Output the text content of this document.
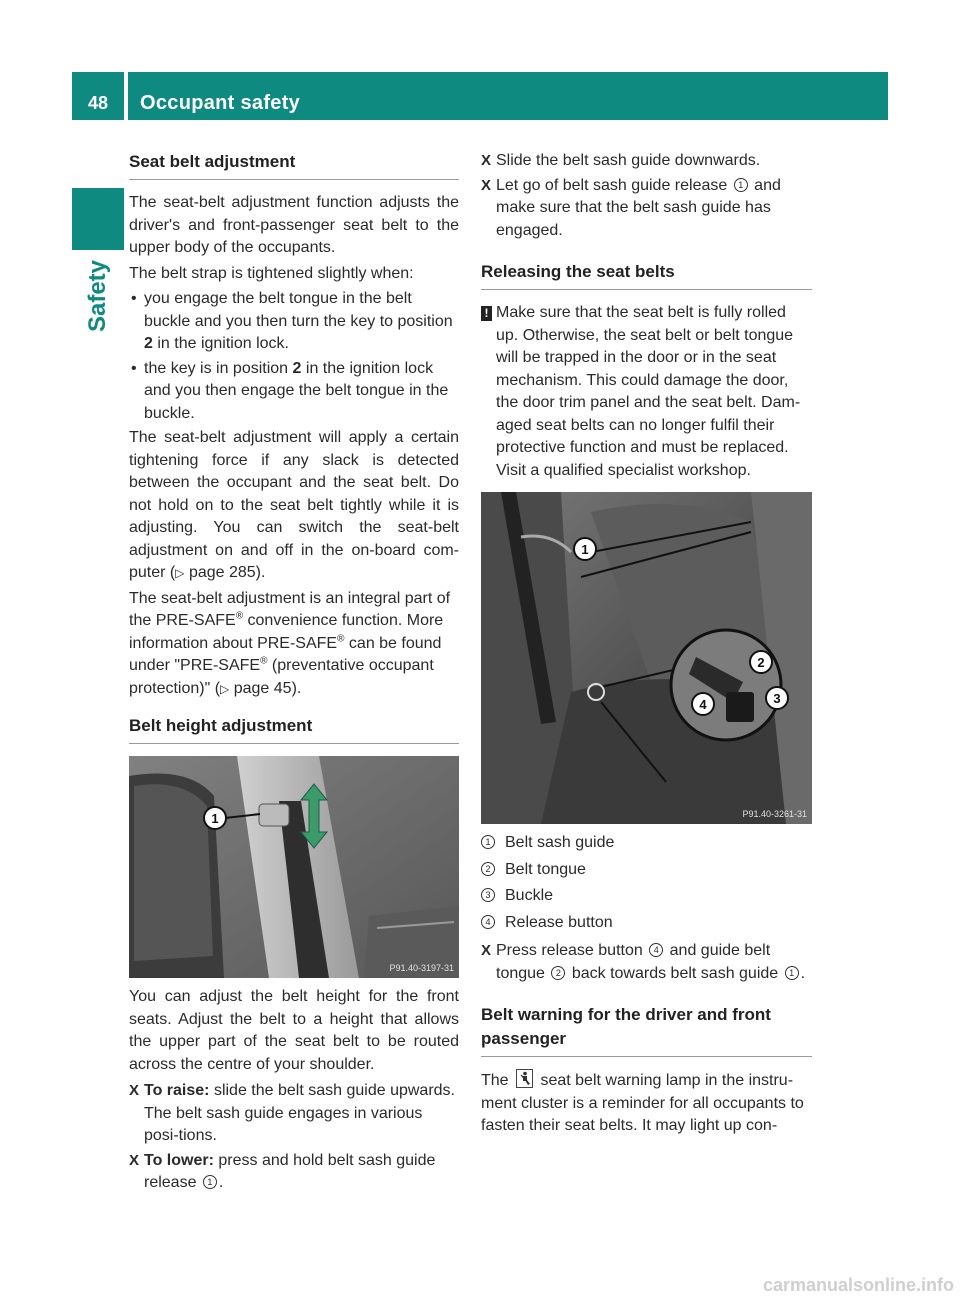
48	Occupant safety
Safety
Seat belt adjustment

The seat-belt adjustment function adjusts the driver's and front-passenger seat belt to the upper body of the occupants.

The belt strap is tightened slightly when:

• you engage the belt tongue in the belt buckle and you then turn the key to position 2 in the ignition lock.
• the key is in position 2 in the ignition lock and you then engage the belt tongue in the buckle.

The seat-belt adjustment will apply a certain tightening force if any slack is detected between the occupant and the seat belt. Do not hold on to the seat belt tightly while it is adjusting. You can switch the seat-belt adjustment on and off in the on-board com-puter (▷ page 285).

The seat-belt adjustment is an integral part of the PRE-SAFE® convenience function. More information about PRE-SAFE® can be found under "PRE-SAFE® (preventative occupant protection)" (▷ page 45).

Belt height adjustment
1
P91.40-3197-31

You can adjust the belt height for the front seats. Adjust the belt to a height that allows the upper part of the seat belt to be routed across the centre of your shoulder.

X To raise: slide the belt sash guide upwards. The belt sash guide engages in various posi-tions.
X To lower: press and hold belt sash guide release 1 .
X Slide the belt sash guide downwards.
X Let go of belt sash guide release 1 and make sure that the belt sash guide has engaged.
Releasing the seat belts
! Make sure that the seat belt is fully rolled up. Otherwise, the seat belt or belt tongue will be trapped in the door or in the seat mechanism. This could damage the door, the door trim panel and the seat belt. Dam-aged seat belts can no longer fulfil their protective function and must be replaced. Visit a qualified specialist workshop.
1
2
3
4
P91.40-3261-31
1 Belt sash guide
2 Belt tongue
3 Buckle
4 Release button
X Press release button 4 and guide belt tongue 2 back towards belt sash guide 1 .
Belt warning for the driver and front passenger

The
seat belt warning lamp in the instru-ment cluster is a reminder for all occupants to fasten their seat belts. It may light up con-

carmanualsonline.info
